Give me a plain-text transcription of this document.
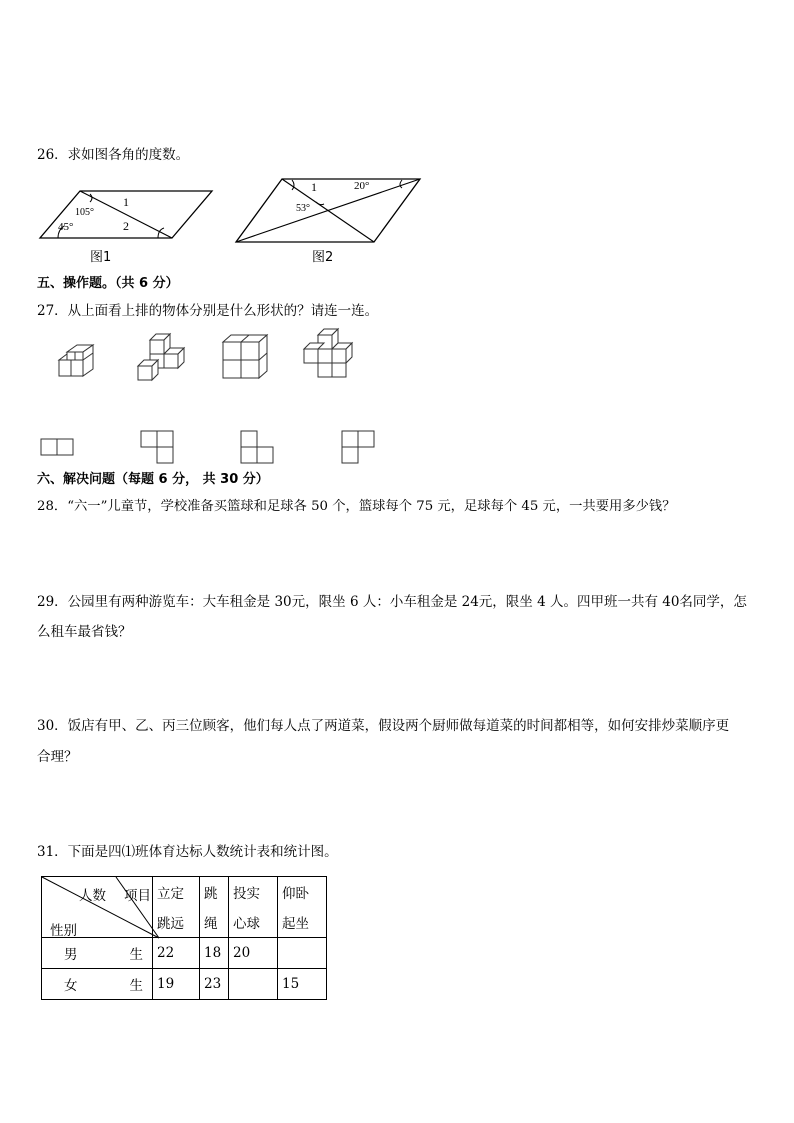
26．求如图各角的度数。
105°
45°
1
2
图1
1	20°
53°
图2
五、操作题。（共 6 分）
27．从上面看上排的物体分别是什么形状的？请连一连。
六、解决问题（每题 6 分， 共 30 分）
28．“六一”儿童节，学校准备买篮球和足球各 50 个，篮球每个 75 元，足球每个 45 元，一共要用多少钱？
29．公园里有两种游览车：大车租金是 30元，限坐 6 人：小车租金是 24元，限坐 4 人。四甲班一共有 40名同学，怎
么租车最省钱？
30．饭店有甲、乙、丙三位顾客，他们每人点了两道菜，假设两个厨师做每道菜的时间都相等，如何安排炒菜顺序更
合理？
31．下面是四⑴班体育达标人数统计表和统计图。
人数 项目
性别	立定	跳	投实	仰卧
	跳远	绳	心球	起坐
男 生	22	18	20	
女 生	19	23		15
